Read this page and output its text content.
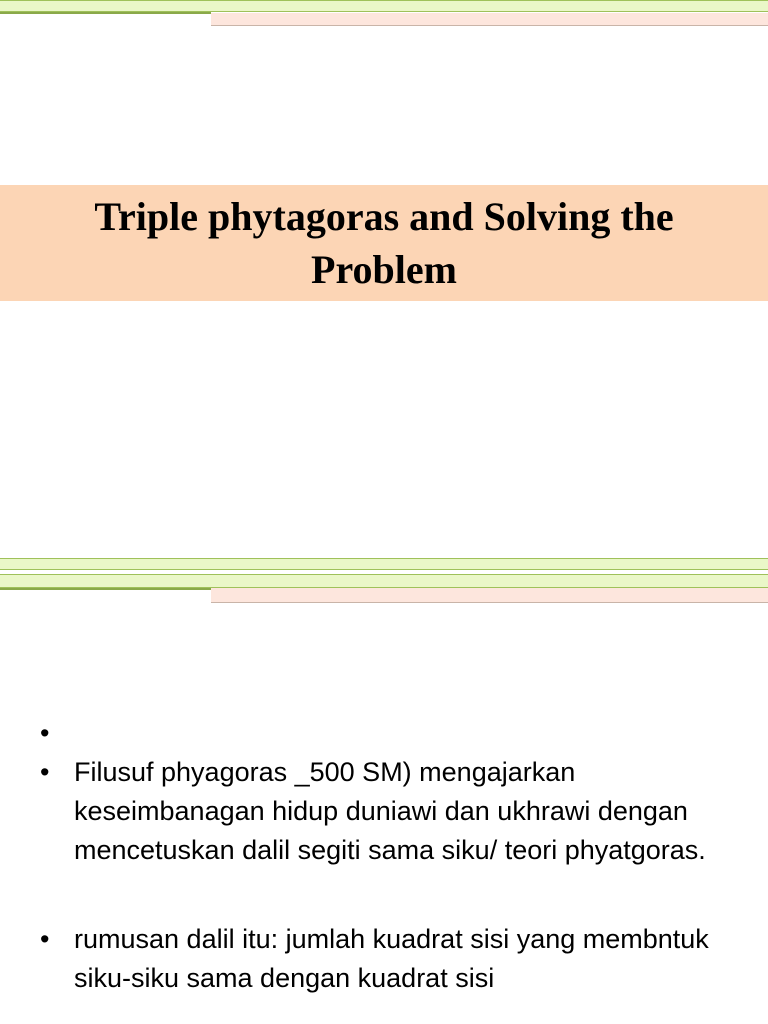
Triple phytagoras and Solving the Problem
•
• Filusuf phyagoras _500 SM) mengajarkan keseimbanagan hidup duniawi dan ukhrawi dengan mencetuskan dalil segiti sama siku/ teori phyatgoras.
• rumusan dalil itu: jumlah kuadrat sisi yang membntuk siku-siku sama dengan kuadrat sisi
